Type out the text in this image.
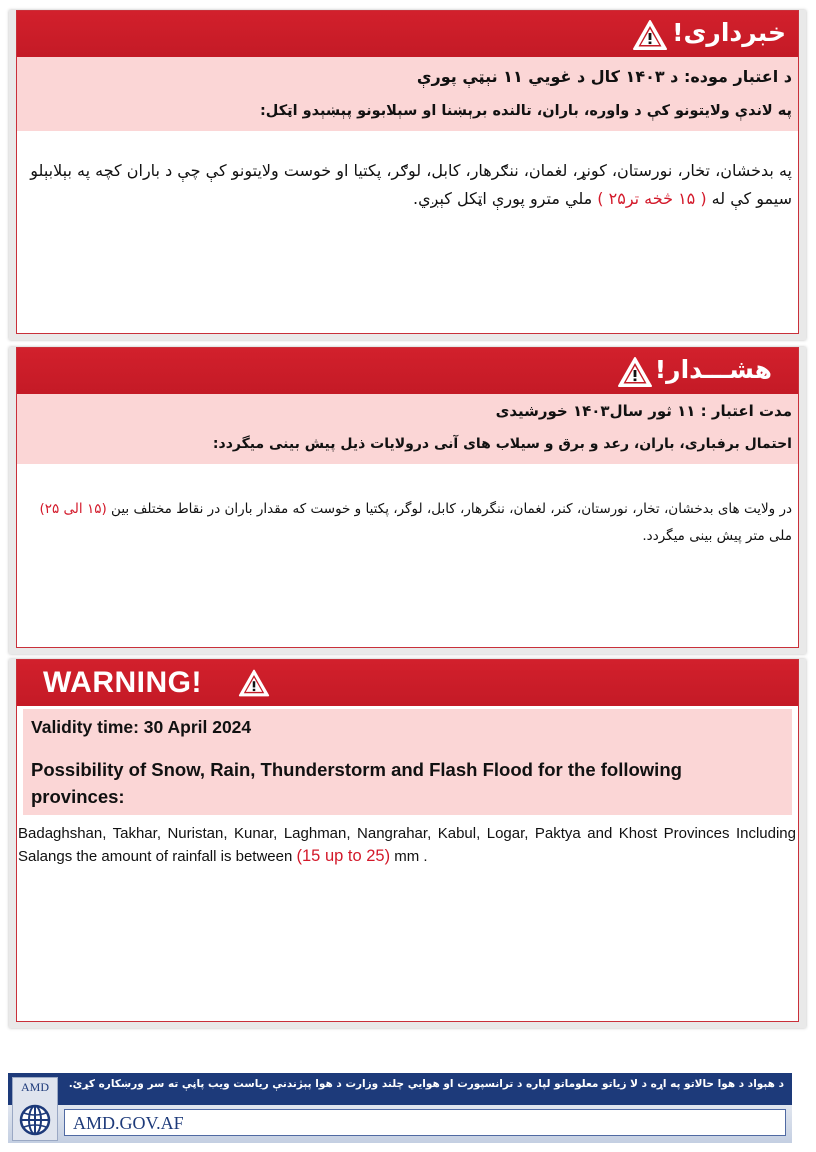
خبرداری!
د اعتبار موده: د ۱۴۰۳ کال د غويي ۱۱ نېټې پورې
په لاندې ولايتونو کې د واوره، باران، تالنده برېښنا او سېلابونو پېښېدو اټکل:
په بدخشان، تخار، نورستان، کونړ، لغمان، ننګرهار، کابل، لوګر، پکتيا او خوست ولايتونو کې چې د باران کچه په بېلابېلو سيمو کې له ( ۱۵ څخه تر۲۵ ) ملي مترو پورې اټکل کېږي.
هشـــدار!
مدت اعتبار : ۱۱ ثور سال۱۴۰۳ خورشیدی
احتمال برفباری، باران، رعد و برق و سیلاب های آنی درولایات ذیل پیش بینی میگردد:
در ولایت های بدخشان، تخار، نورستان، کنر، لغمان، ننگرهار، کابل، لوگر، پکتیا و خوست که مقدار باران در نقاط مختلف بین (۱۵ الی ۲۵) ملی متر پیش بینی میگردد.
WARNING!
Validity time: 30 April 2024
Possibility of Snow, Rain, Thunderstorm and Flash Flood for the following
provinces:
Badaghshan, Takhar, Nuristan, Kunar, Laghman, Nangrahar, Kabul, Logar, Paktya and Khost Provinces Including Salangs the amount of rainfall is between (15 up to 25) mm .
د هېواد د هوا حالاتو په اړه د لا زياتو معلوماتو لپاره د ترانسپورت او هوايي چلند وزارت د هوا پېژندنې رياست ويب پاڼې ته سر ورښکاره کړئ.
AMD
AMD.GOV.AF
